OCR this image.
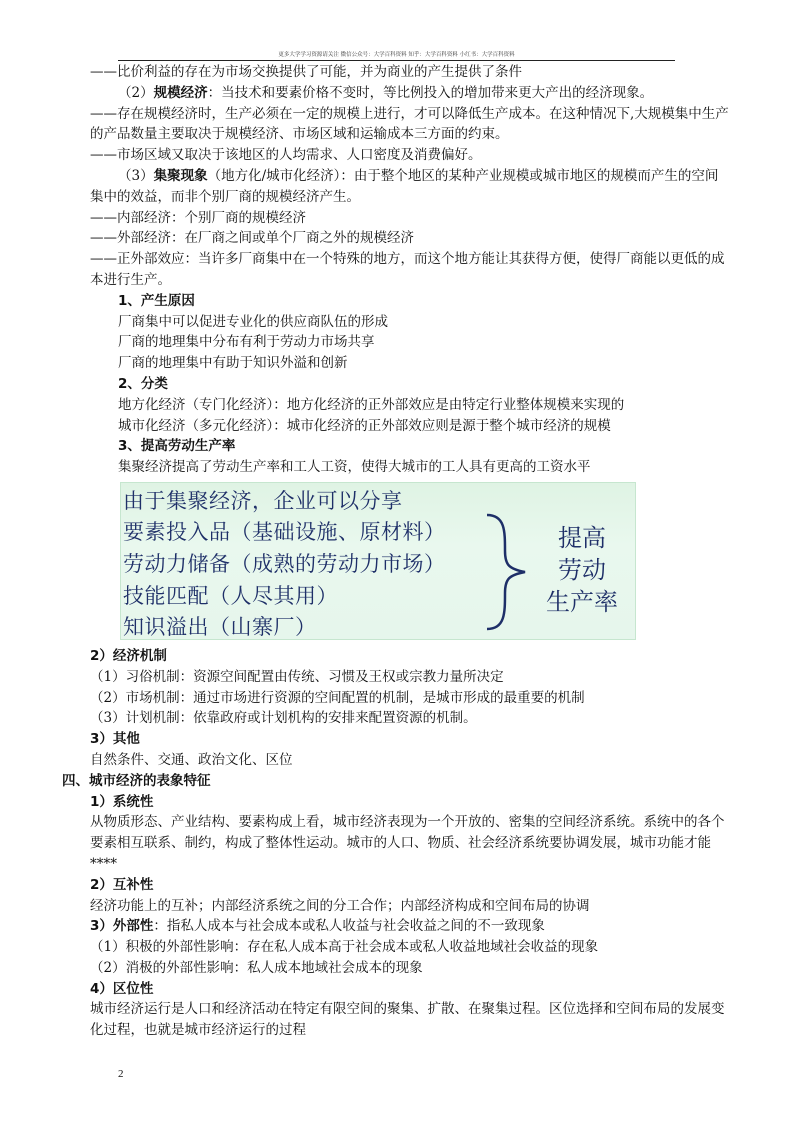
更多大学学习资源请关注 微信公众号：大学百科资料 知乎：大学百科资料 小红书：大学百科资料
——比价利益的存在为市场交换提供了可能，并为商业的产生提供了条件
（2）规模经济：当技术和要素价格不变时，等比例投入的增加带来更大产出的经济现象。
——存在规模经济时，生产必须在一定的规模上进行，才可以降低生产成本。在这种情况下,大规模集中生产的产品数量主要取决于规模经济、市场区域和运输成本三方面的约束。
——市场区域又取决于该地区的人均需求、人口密度及消费偏好。
（3）集聚现象（地方化/城市化经济）：由于整个地区的某种产业规模或城市地区的规模而产生的空间集中的效益，而非个别厂商的规模经济产生。
——内部经济：个别厂商的规模经济
——外部经济：在厂商之间或单个厂商之外的规模经济
——正外部效应：当许多厂商集中在一个特殊的地方，而这个地方能让其获得方便，使得厂商能以更低的成本进行生产。
1、产生原因
厂商集中可以促进专业化的供应商队伍的形成
厂商的地理集中分布有利于劳动力市场共享
厂商的地理集中有助于知识外溢和创新
2、分类
地方化经济（专门化经济）：地方化经济的正外部效应是由特定行业整体规模来实现的
城市化经济（多元化经济）：城市化经济的正外部效应则是源于整个城市经济的规模
3、提高劳动生产率
集聚经济提高了劳动生产率和工人工资，使得大城市的工人具有更高的工资水平
由于集聚经济，企业可以分享
要素投入品（基础设施、原材料）
劳动力储备（成熟的劳动力市场）
技能匹配（人尽其用）
知识溢出（山寨厂）
提高
劳动
生产率
2）经济机制
（1）习俗机制：资源空间配置由传统、习惯及王权或宗教力量所决定
（2）市场机制：通过市场进行资源的空间配置的机制，是城市形成的最重要的机制
（3）计划机制：依靠政府或计划机构的安排来配置资源的机制。
3）其他
自然条件、交通、政治文化、区位
四、城市经济的表象特征
1）系统性
从物质形态、产业结构、要素构成上看，城市经济表现为一个开放的、密集的空间经济系统。系统中的各个要素相互联系、制约，构成了整体性运动。城市的人口、物质、社会经济系统要协调发展，城市功能才能****
2）互补性
经济功能上的互补；内部经济系统之间的分工合作；内部经济构成和空间布局的协调
3）外部性：指私人成本与社会成本或私人收益与社会收益之间的不一致现象
（1）积极的外部性影响：存在私人成本高于社会成本或私人收益地域社会收益的现象
（2）消极的外部性影响：私人成本地域社会成本的现象
4）区位性
城市经济运行是人口和经济活动在特定有限空间的聚集、扩散、在聚集过程。区位选择和空间布局的发展变化过程，也就是城市经济运行的过程
2
